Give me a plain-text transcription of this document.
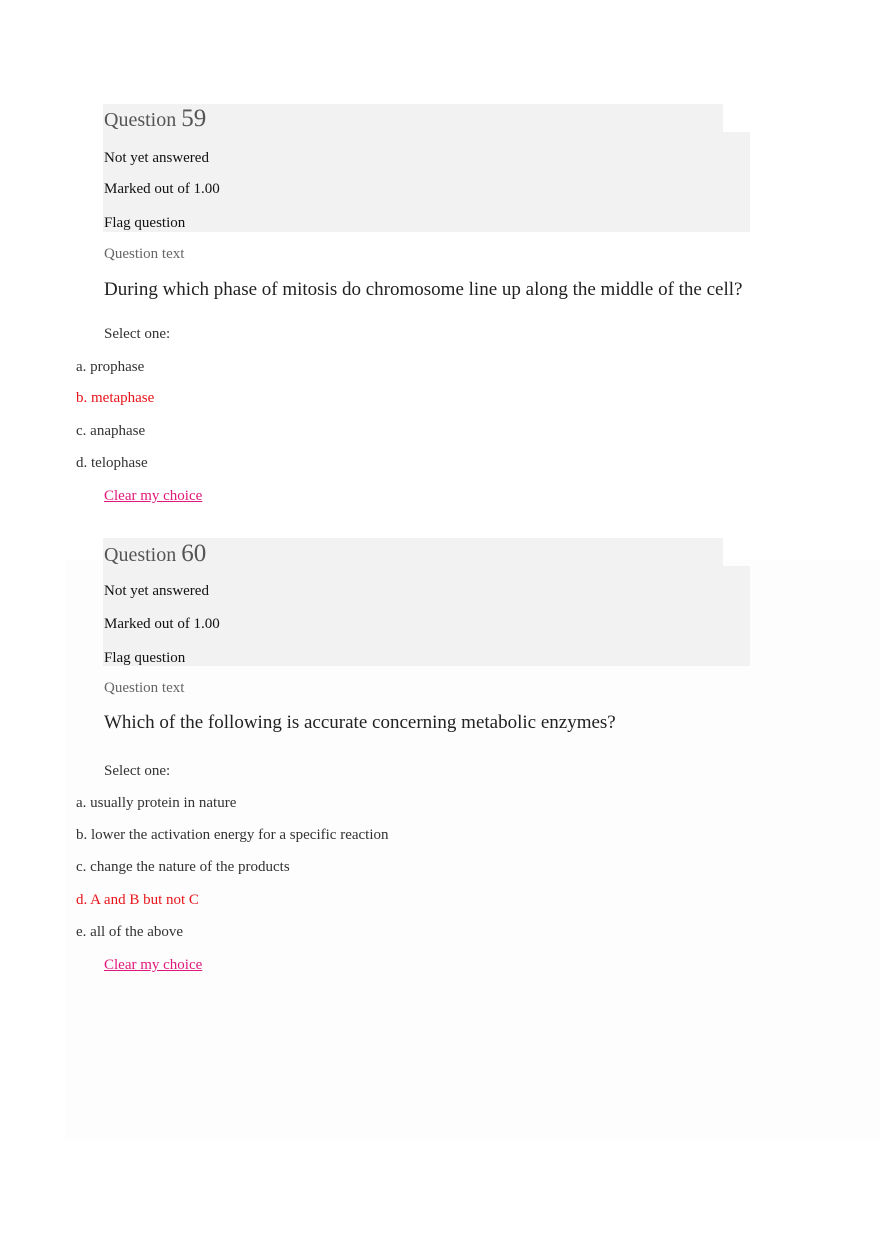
Question 59
Not yet answered
Marked out of 1.00
Flag question
Question text
During which phase of mitosis do chromosome line up along the middle of the cell?
Select one:
a. prophase
b. metaphase
c. anaphase
d. telophase
Clear my choice
Question 60
Not yet answered
Marked out of 1.00
Flag question
Question text
Which of the following is accurate concerning metabolic enzymes?
Select one:
a. usually protein in nature
b. lower the activation energy for a specific reaction
c. change the nature of the products
d. A and B but not C
e. all of the above
Clear my choice
